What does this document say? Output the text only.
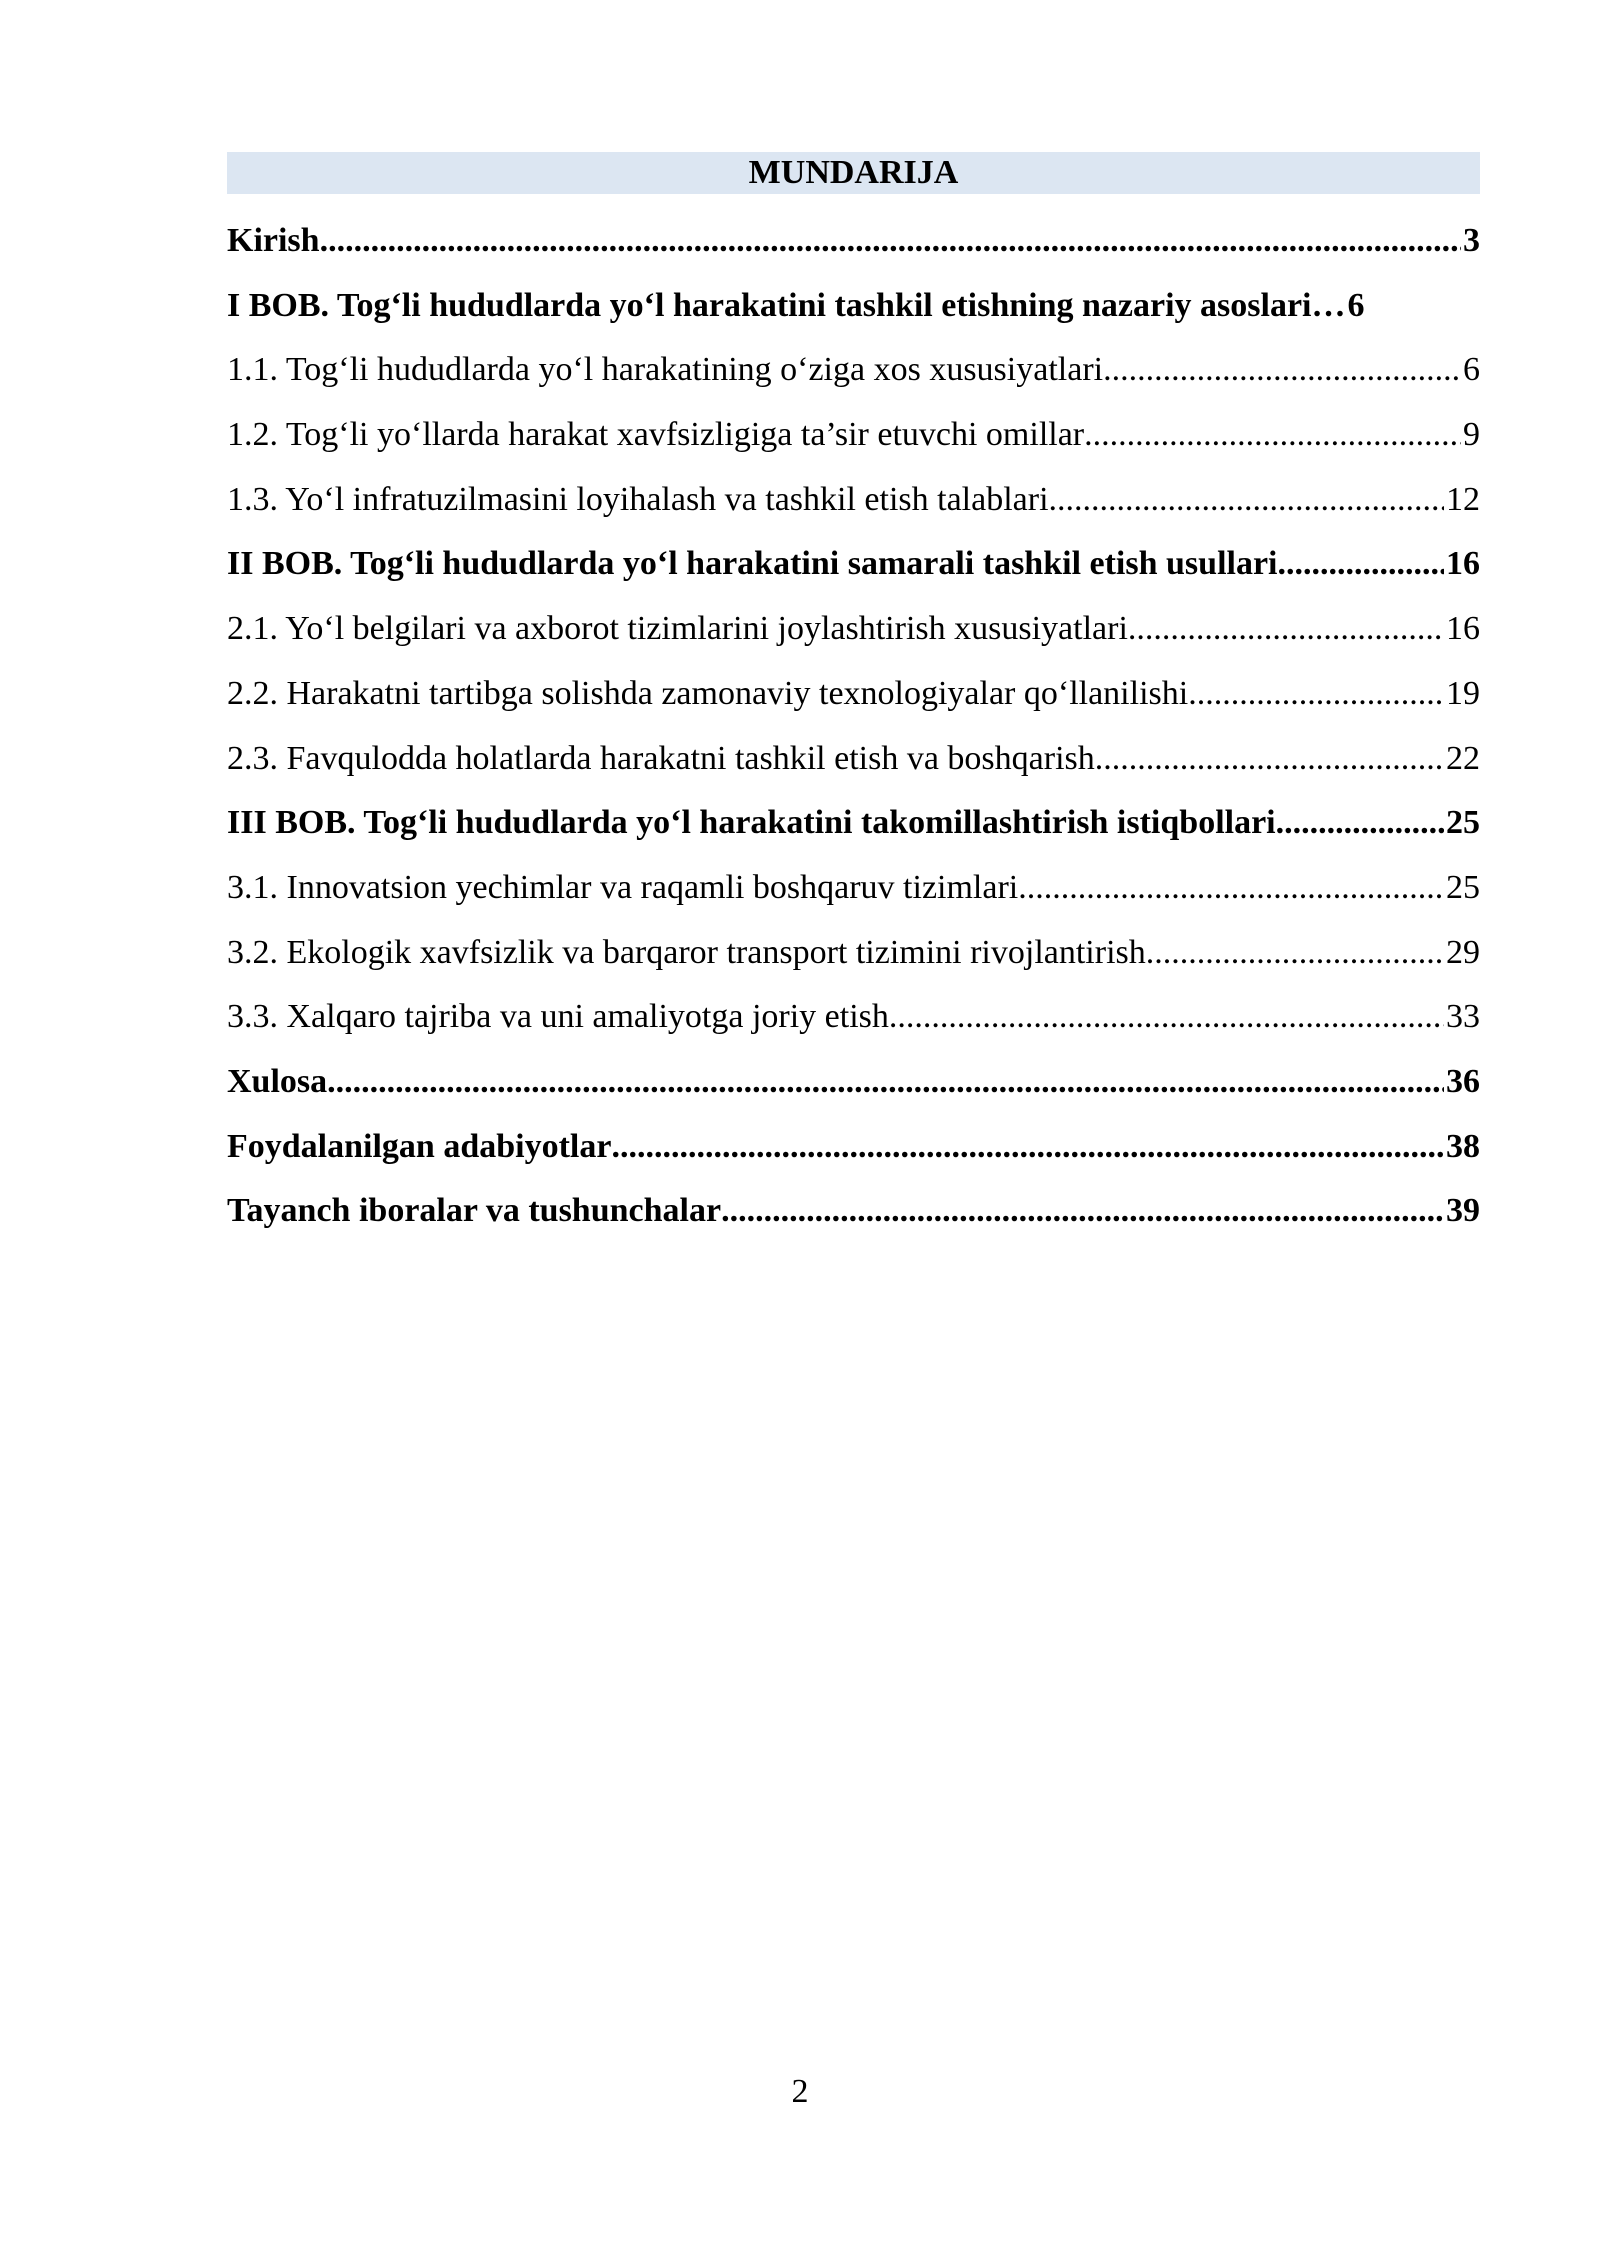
MUNDARIJA
Kirish .....	3
I BOB. Tog‘li hududlarda yo‘l harakatini tashkil etishning nazariy asoslari… 6
1.1. Tog‘li hududlarda yo‘l harakatining o‘ziga xos xususiyatlari .....	6
1.2. Tog‘li yo‘llarda harakat xavfsizligiga ta’sir etuvchi omillar .....	9
1.3. Yo‘l infratuzilmasini loyihalash va tashkil etish talablari .....	12
II BOB. Tog‘li hududlarda yo‘l harakatini samarali tashkil etish usullari .....	16
2.1. Yo‘l belgilari va axborot tizimlarini joylashtirish xususiyatlari .....	16
2.2. Harakatni tartibga solishda zamonaviy texnologiyalar qo‘llanilishi .....	19
2.3. Favqulodda holatlarda harakatni tashkil etish va boshqarish .....	22
III BOB. Tog‘li hududlarda yo‘l harakatini takomillashtirish istiqbollari .....	25
3.1. Innovatsion yechimlar va raqamli boshqaruv tizimlari .....	25
3.2. Ekologik xavfsizlik va barqaror transport tizimini rivojlantirish .....	29
3.3. Xalqaro tajriba va uni amaliyotga joriy etish .....	33
Xulosa .....	36
Foydalanilgan adabiyotlar .....	38
Tayanch iboralar va tushunchalar .....	39
2
